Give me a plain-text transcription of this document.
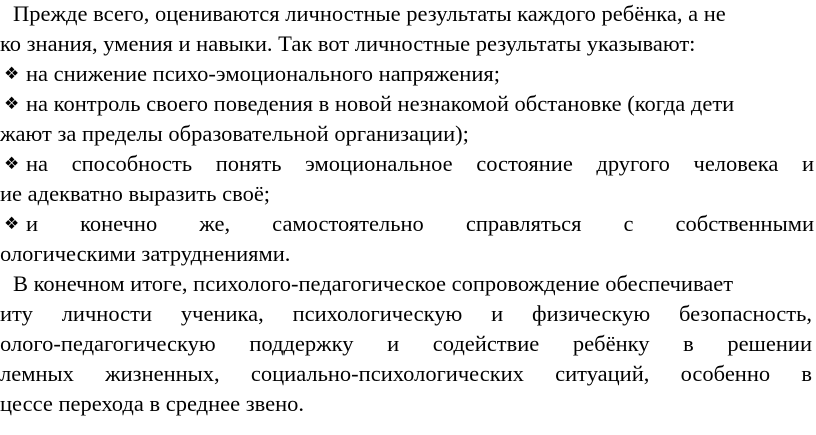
Прежде всего, оцениваются личностные результаты каждого ребёнка, а не
ко знания, умения и навыки. Так вот личностные результаты указывают:
❖ на снижение психо-эмоционального напряжения;
❖ на контроль своего поведения в новой незнакомой обстановке (когда дети
жают за пределы образовательной организации);
❖ на способность понять эмоциональное состояние другого человека и
ие адекватно выразить своё;
❖ и конечно же, самостоятельно справляться с собственными
ологическими затруднениями.
В конечном итоге, психолого-педагогическое сопровождение обеспечивает
иту личности ученика, психологическую и физическую безопасность,
олого-педагогическую поддержку и содействие ребёнку в решении
лемных жизненных, социально-психологических ситуаций, особенно в
цессе перехода в среднее звено.
